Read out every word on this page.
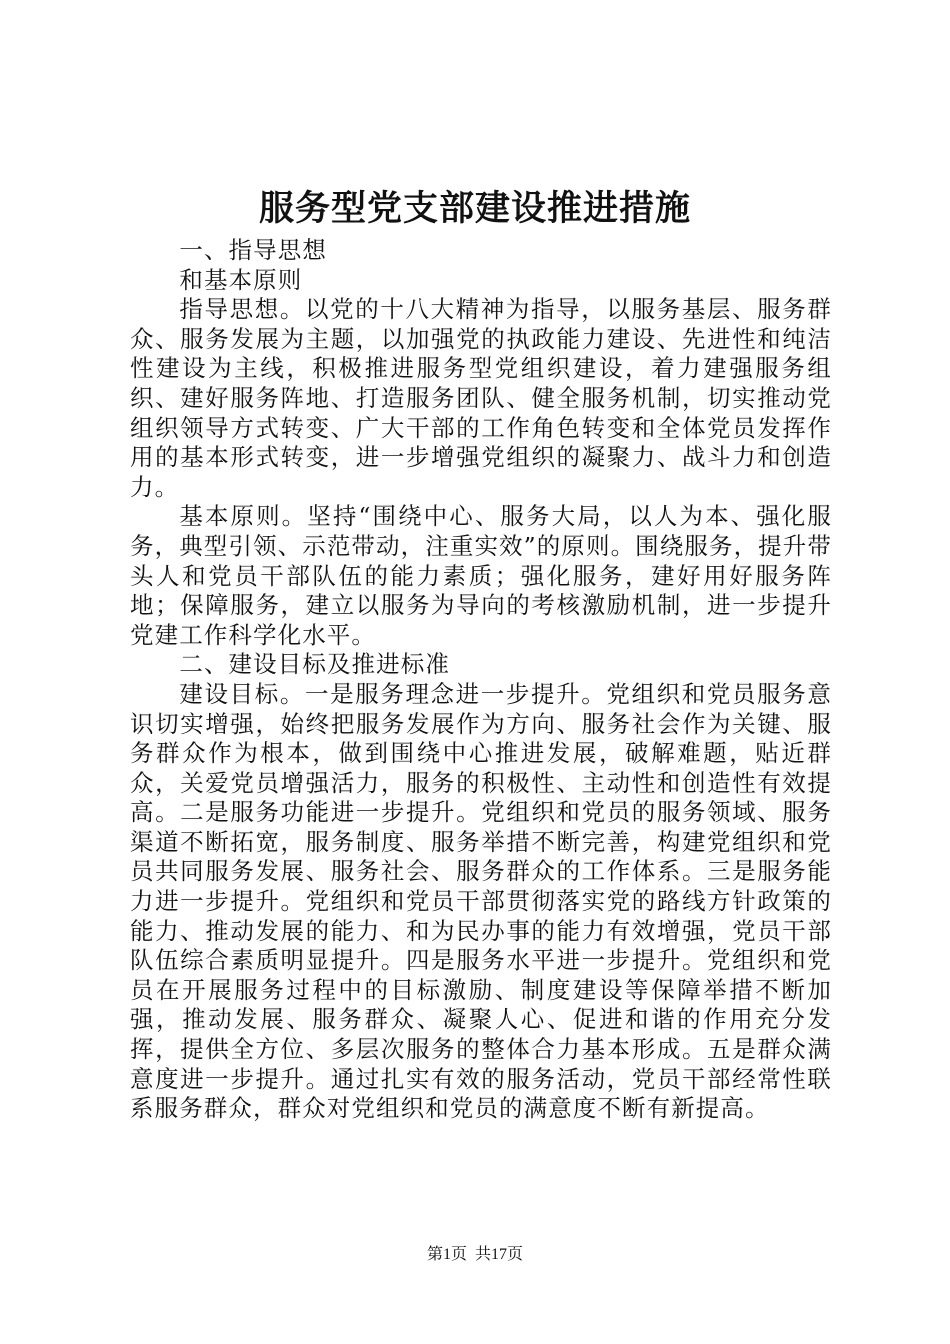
服务型党支部建设推进措施

一、指导思想

和基本原则

指导思想。以党的十八大精神为指导，以服务基层、服务群众、服务发展为主题，以加强党的执政能力建设、先进性和纯洁性建设为主线，积极推进服务型党组织建设，着力建强服务组织、建好服务阵地、打造服务团队、健全服务机制，切实推动党组织领导方式转变、广大干部的工作角色转变和全体党员发挥作用的基本形式转变，进一步增强党组织的凝聚力、战斗力和创造力。

基本原则。坚持“围绕中心、服务大局，以人为本、强化服务，典型引领、示范带动，注重实效”的原则。围绕服务，提升带头人和党员干部队伍的能力素质；强化服务，建好用好服务阵地；保障服务，建立以服务为导向的考核激励机制，进一步提升党建工作科学化水平。

二、建设目标及推进标准

建设目标。一是服务理念进一步提升。党组织和党员服务意识切实增强，始终把服务发展作为方向、服务社会作为关键、服务群众作为根本，做到围绕中心推进发展，破解难题，贴近群众，关爱党员增强活力，服务的积极性、主动性和创造性有效提高。二是服务功能进一步提升。党组织和党员的服务领域、服务渠道不断拓宽，服务制度、服务举措不断完善，构建党组织和党员共同服务发展、服务社会、服务群众的工作体系。三是服务能力进一步提升。党组织和党员干部贯彻落实党的路线方针政策的能力、推动发展的能力、和为民办事的能力有效增强，党员干部队伍综合素质明显提升。四是服务水平进一步提升。党组织和党员在开展服务过程中的目标激励、制度建设等保障举措不断加强，推动发展、服务群众、凝聚人心、促进和谐的作用充分发挥，提供全方位、多层次服务的整体合力基本形成。五是群众满意度进一步提升。通过扎实有效的服务活动，党员干部经常性联系服务群众，群众对党组织和党员的满意度不断有新提高。

第1页 共17页
